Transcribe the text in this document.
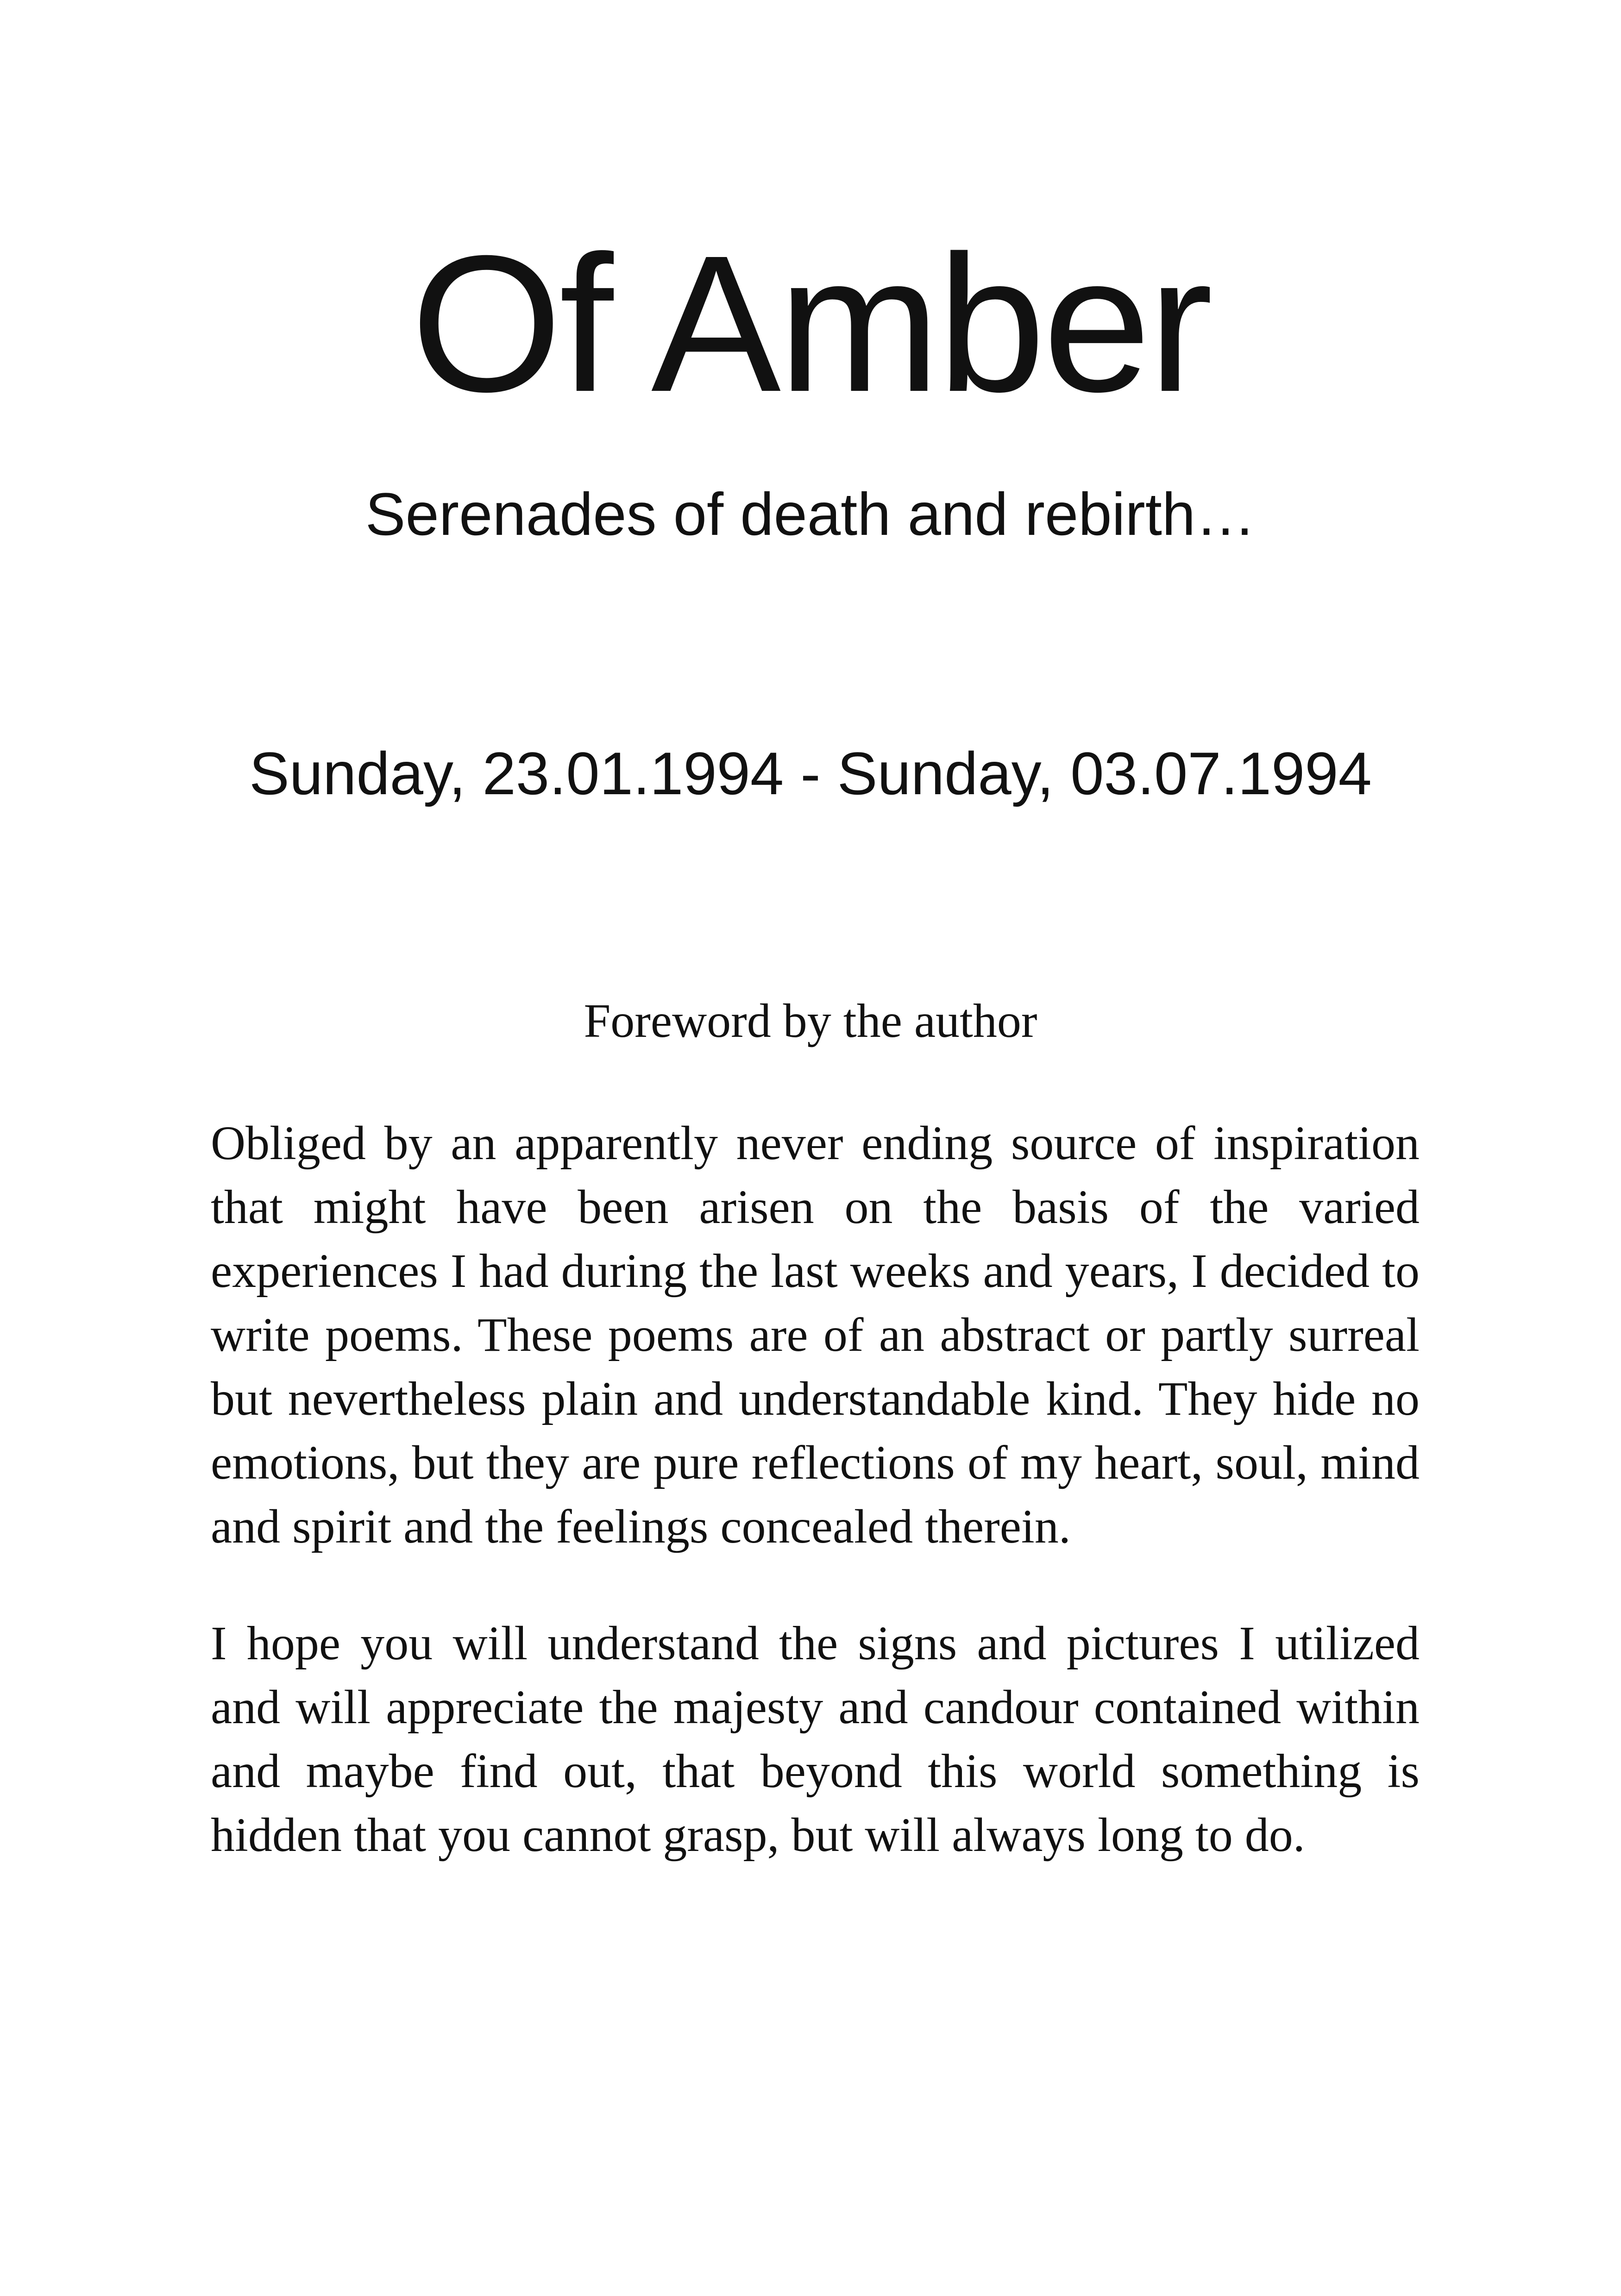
Of Amber
Serenades of death and rebirth…
Sunday, 23.01.1994 - Sunday, 03.07.1994
Foreword by the author

Obliged by an apparently never ending source of inspiration that might have been arisen on the basis of the varied experiences I had during the last weeks and years, I decided to write poems. These poems are of an abstract or partly surreal but nevertheless plain and understandable kind. They hide no emotions, but they are pure reflections of my heart, soul, mind and spirit and the feelings concealed therein.

I hope you will understand the signs and pictures I utilized and will appreciate the majesty and candour contained within and maybe find out, that beyond this world something is hidden that you cannot grasp, but will always long to do.
